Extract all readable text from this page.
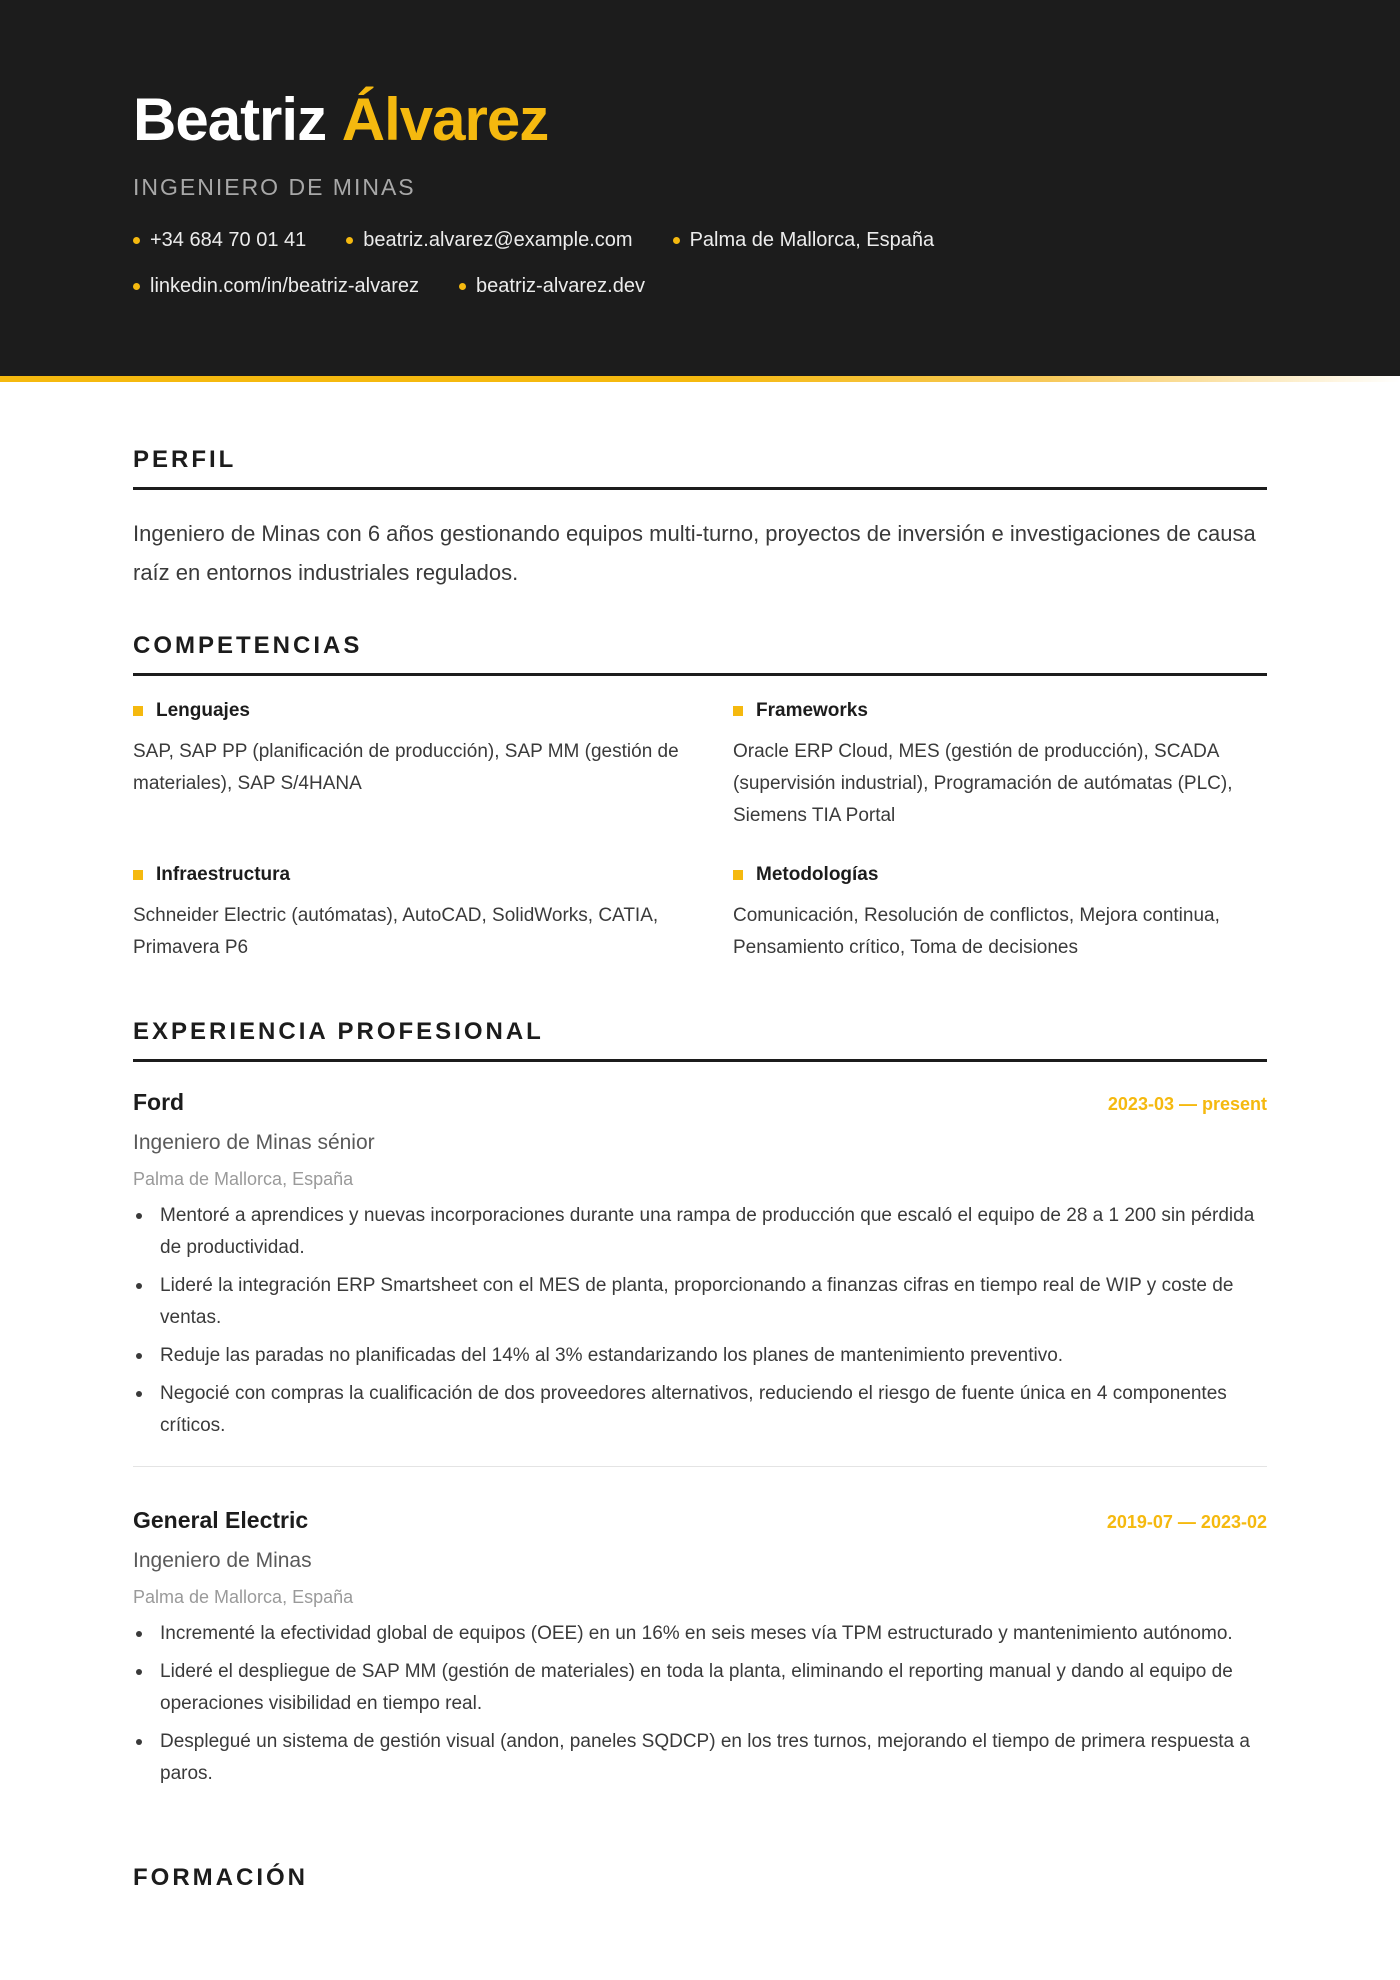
Beatriz Álvarez
INGENIERO DE MINAS
+34 684 70 01 41	beatriz.alvarez@example.com	Palma de Mallorca, España
linkedin.com/in/beatriz-alvarez	beatriz-alvarez.dev
PERFIL

Ingeniero de Minas con 6 años gestionando equipos multi-turno, proyectos de inversión e investigaciones de causa raíz en entornos industriales regulados.

COMPETENCIAS
Lenguajes
SAP, SAP PP (planificación de producción), SAP MM (gestión de materiales), SAP S/4HANA
Frameworks
Oracle ERP Cloud, MES (gestión de producción), SCADA (supervisión industrial), Programación de autómatas (PLC), Siemens TIA Portal
Infraestructura
Schneider Electric (autómatas), AutoCAD, SolidWorks, CATIA, Primavera P6
Metodologías
Comunicación, Resolución de conflictos, Mejora continua, Pensamiento crítico, Toma de decisiones
EXPERIENCIA PROFESIONAL
Ford	2023-03 — present
Ingeniero de Minas sénior
Palma de Mallorca, España
Mentoré a aprendices y nuevas incorporaciones durante una rampa de producción que escaló el equipo de 28 a 1 200 sin pérdida de productividad.
Lideré la integración ERP Smartsheet con el MES de planta, proporcionando a finanzas cifras en tiempo real de WIP y coste de ventas.
Reduje las paradas no planificadas del 14% al 3% estandarizando los planes de mantenimiento preventivo.
Negocié con compras la cualificación de dos proveedores alternativos, reduciendo el riesgo de fuente única en 4 componentes críticos.
General Electric	2019-07 — 2023-02
Ingeniero de Minas
Palma de Mallorca, España
Incrementé la efectividad global de equipos (OEE) en un 16% en seis meses vía TPM estructurado y mantenimiento autónomo.
Lideré el despliegue de SAP MM (gestión de materiales) en toda la planta, eliminando el reporting manual y dando al equipo de operaciones visibilidad en tiempo real.
Desplegué un sistema de gestión visual (andon, paneles SQDCP) en los tres turnos, mejorando el tiempo de primera respuesta a paros.
FORMACIÓN
